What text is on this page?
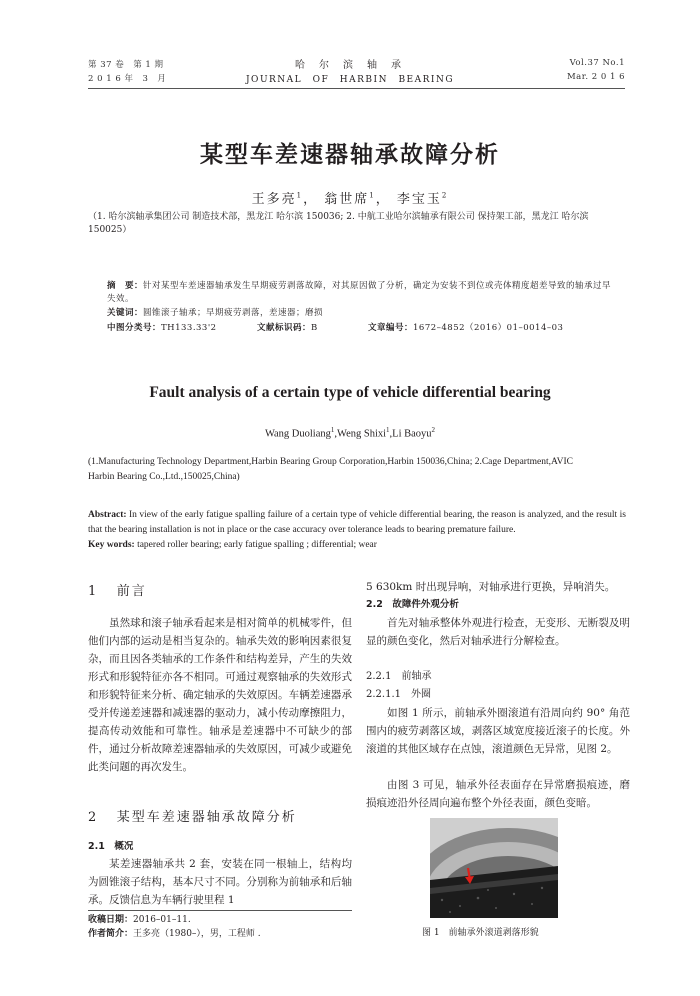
第 37 卷　第 1 期
2 0 1 6 年　3　月
哈尔滨轴承
JOURNAL　OF　HARBIN　BEARING
Vol.37 No.1
Mar. 2 0 1 6
某型车差速器轴承故障分析
王多亮$^1$， 翁世席$^1$， 李宝玉$^2$
（1. 哈尔滨轴承集团公司 制造技术部，黑龙江 哈尔滨 150036; 2. 中航工业哈尔滨轴承有限公司 保持架工部，黑龙江 哈尔滨 150025）
摘　要：针对某型车差速器轴承发生早期疲劳剥落故障，对其原因做了分析，确定为安装不到位或壳体精度超差导致的轴承过早失效。
关键词：圆锥滚子轴承；早期疲劳剥落，差速器；磨损
中图分类号：TH133.33'2	文献标识码：B	文章编号：1672–4852（2016）01–0014–03
Fault analysis of a certain type of vehicle differential bearing
Wang Duoliang$^1$,Weng Shixi$^1$,Li Baoyu$^2$
(1.Manufacturing Technology Department,Harbin Bearing Group Corporation,Harbin 150036,China; 2.Cage Department,AVIC
Harbin Bearing Co.,Ltd.,150025,China)
Abstract: In view of the early fatigue spalling failure of a certain type of vehicle differential bearing, the reason is analyzed, and the result is that the bearing installation is not in place or the case accuracy over tolerance leads to bearing premature failure.
Key words: tapered roller bearing; early fatigue spalling ; differential; wear
1 前言
虽然球和滚子轴承看起来是相对简单的机械零件，但他们内部的运动是相当复杂的。轴承失效的影响因素很复杂，而且因各类轴承的工作条件和结构差异，产生的失效形式和形貌特征亦各不相同。可通过观察轴承的失效形式和形貌特征来分析、确定轴承的失效原因。车辆差速器承受并传递差速器和减速器的驱动力，减小传动摩擦阻力，提高传动效能和可靠性。轴承是差速器中不可缺少的部件，通过分析故障差速器轴承的失效原因，可减少或避免此类问题的再次发生。
2 某型车差速器轴承故障分析
2.1　概况
某差速器轴承共 2 套，安装在同一根轴上，结构均为圆锥滚子结构，基本尺寸不同。分别称为前轴承和后轴承。反馈信息为车辆行驶里程 1
收稿日期：2016–01–11.
作者简介：王多亮（1980–），男，工程师 .
5 630km 时出现异响，对轴承进行更换，异响消失。
2.2　故障件外观分析
首先对轴承整体外观进行检查，无变形、无断裂及明显的颜色变化，然后对轴承进行分解检查。
2.2.1　前轴承
2.2.1.1　外圈
如图 1 所示，前轴承外圈滚道有沿周向约 90° 角范围内的疲劳剥落区域，剥落区域宽度接近滚子的长度。外滚道的其他区域存在点蚀，滚道颜色无异常，见图 2。
由图 3 可见，轴承外径表面存在异常磨损痕迹，磨损痕迹沿外径周向遍布整个外径表面，颜色变暗。
图 1　前轴承外滚道剥落形貌
